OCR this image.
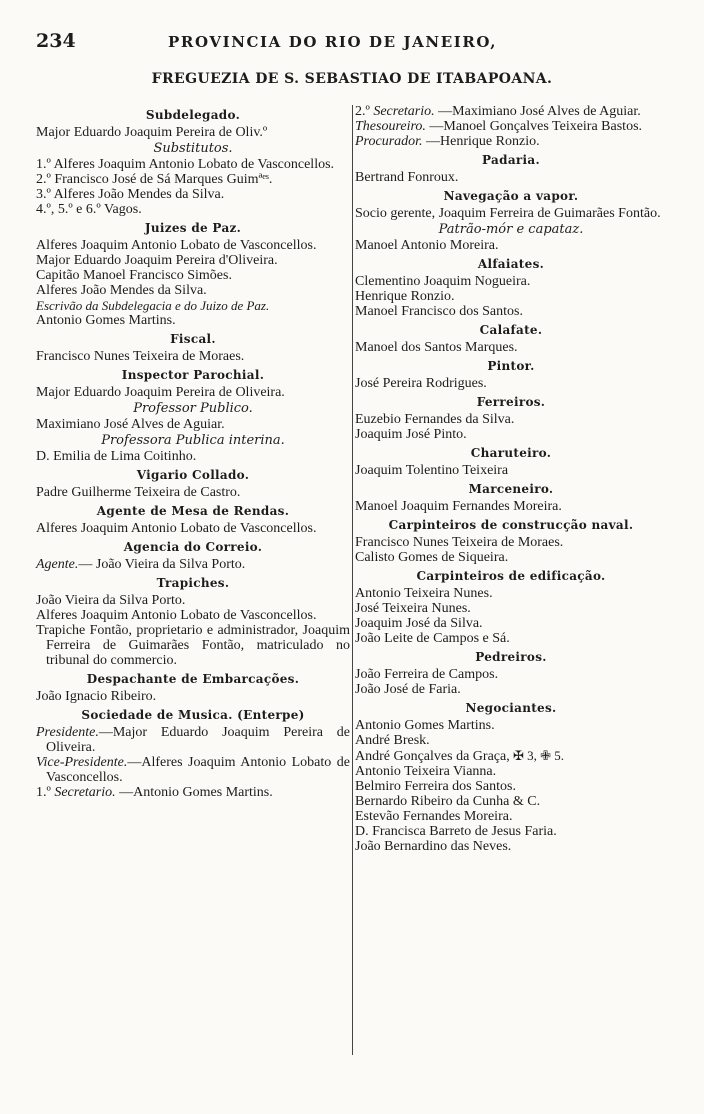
234	PROVINCIA DO RIO DE JANEIRO,
FREGUEZIA DE S. SEBASTIAO DE ITABAPOANA.
Subdelegado.
Major Eduardo Joaquim Pereira de Oliv.º
Substitutos.
1.º Alferes Joaquim Antonio Lobato de Vasconcellos.
2.º Francisco José de Sá Marques Guimªᵉˢ.
3.º Alferes João Mendes da Silva.
4.º, 5.º e 6.º Vagos.
Juizes de Paz.
Alferes Joaquim Antonio Lobato de Vasconcellos.
Major Eduardo Joaquim Pereira d'Oliveira.
Capitão Manoel Francisco Simões.
Alferes João Mendes da Silva.
Escrivão da Subdelegacia e do Juizo de Paz.
Antonio Gomes Martins.
Fiscal.
Francisco Nunes Teixeira de Moraes.
Inspector Parochial.
Major Eduardo Joaquim Pereira de Oliveira.
Professor Publico.
Maximiano José Alves de Aguiar.
Professora Publica interina.
D. Emilia de Lima Coitinho.
Vigario Collado.
Padre Guilherme Teixeira de Castro.
Agente de Mesa de Rendas.
Alferes Joaquim Antonio Lobato de Vasconcellos.
Agencia do Correio.
Agente.— João Vieira da Silva Porto.
Trapiches.
João Vieira da Silva Porto.
Alferes Joaquim Antonio Lobato de Vasconcellos.
Trapiche Fontão, proprietario e administrador, Joaquim Ferreira de Guimarães Fontão, matriculado no tribunal do commercio.
Despachante de Embarcações.
João Ignacio Ribeiro.
Sociedade de Musica. (Enterpe)
Presidente.—Major Eduardo Joaquim Pereira de Oliveira.
Vice-Presidente.—Alferes Joaquim Antonio Lobato de Vasconcellos.
1.º Secretario. —Antonio Gomes Martins.
2.º Secretario. —Maximiano José Alves de Aguiar.
Thesoureiro. —Manoel Gonçalves Teixeira Bastos.
Procurador. —Henrique Ronzio.
Padaria.
Bertrand Fonroux.
Navegação a vapor.
Socio gerente, Joaquim Ferreira de Guimarães Fontão.
Patrão-mór e capataz.
Manoel Antonio Moreira.
Alfaiates.
Clementino Joaquim Nogueira.
Henrique Ronzio.
Manoel Francisco dos Santos.
Calafate.
Manoel dos Santos Marques.
Pintor.
José Pereira Rodrigues.
Ferreiros.
Euzebio Fernandes da Silva.
Joaquim José Pinto.
Charuteiro.
Joaquim Tolentino Teixeira
Marceneiro.
Manoel Joaquim Fernandes Moreira.
Carpinteiros de construcção naval.
Francisco Nunes Teixeira de Moraes.
Calisto Gomes de Siqueira.
Carpinteiros de edificação.
Antonio Teixeira Nunes.
José Teixeira Nunes.
Joaquim José da Silva.
João Leite de Campos e Sá.
Pedreiros.
João Ferreira de Campos.
João José de Faria.
Negociantes.
Antonio Gomes Martins.
André Bresk.
André Gonçalves da Graça, ✠ 3, ✙ 5.
Antonio Teixeira Vianna.
Belmiro Ferreira dos Santos.
Bernardo Ribeiro da Cunha & C.
Estevão Fernandes Moreira.
D. Francisca Barreto de Jesus Faria.
João Bernardino das Neves.
